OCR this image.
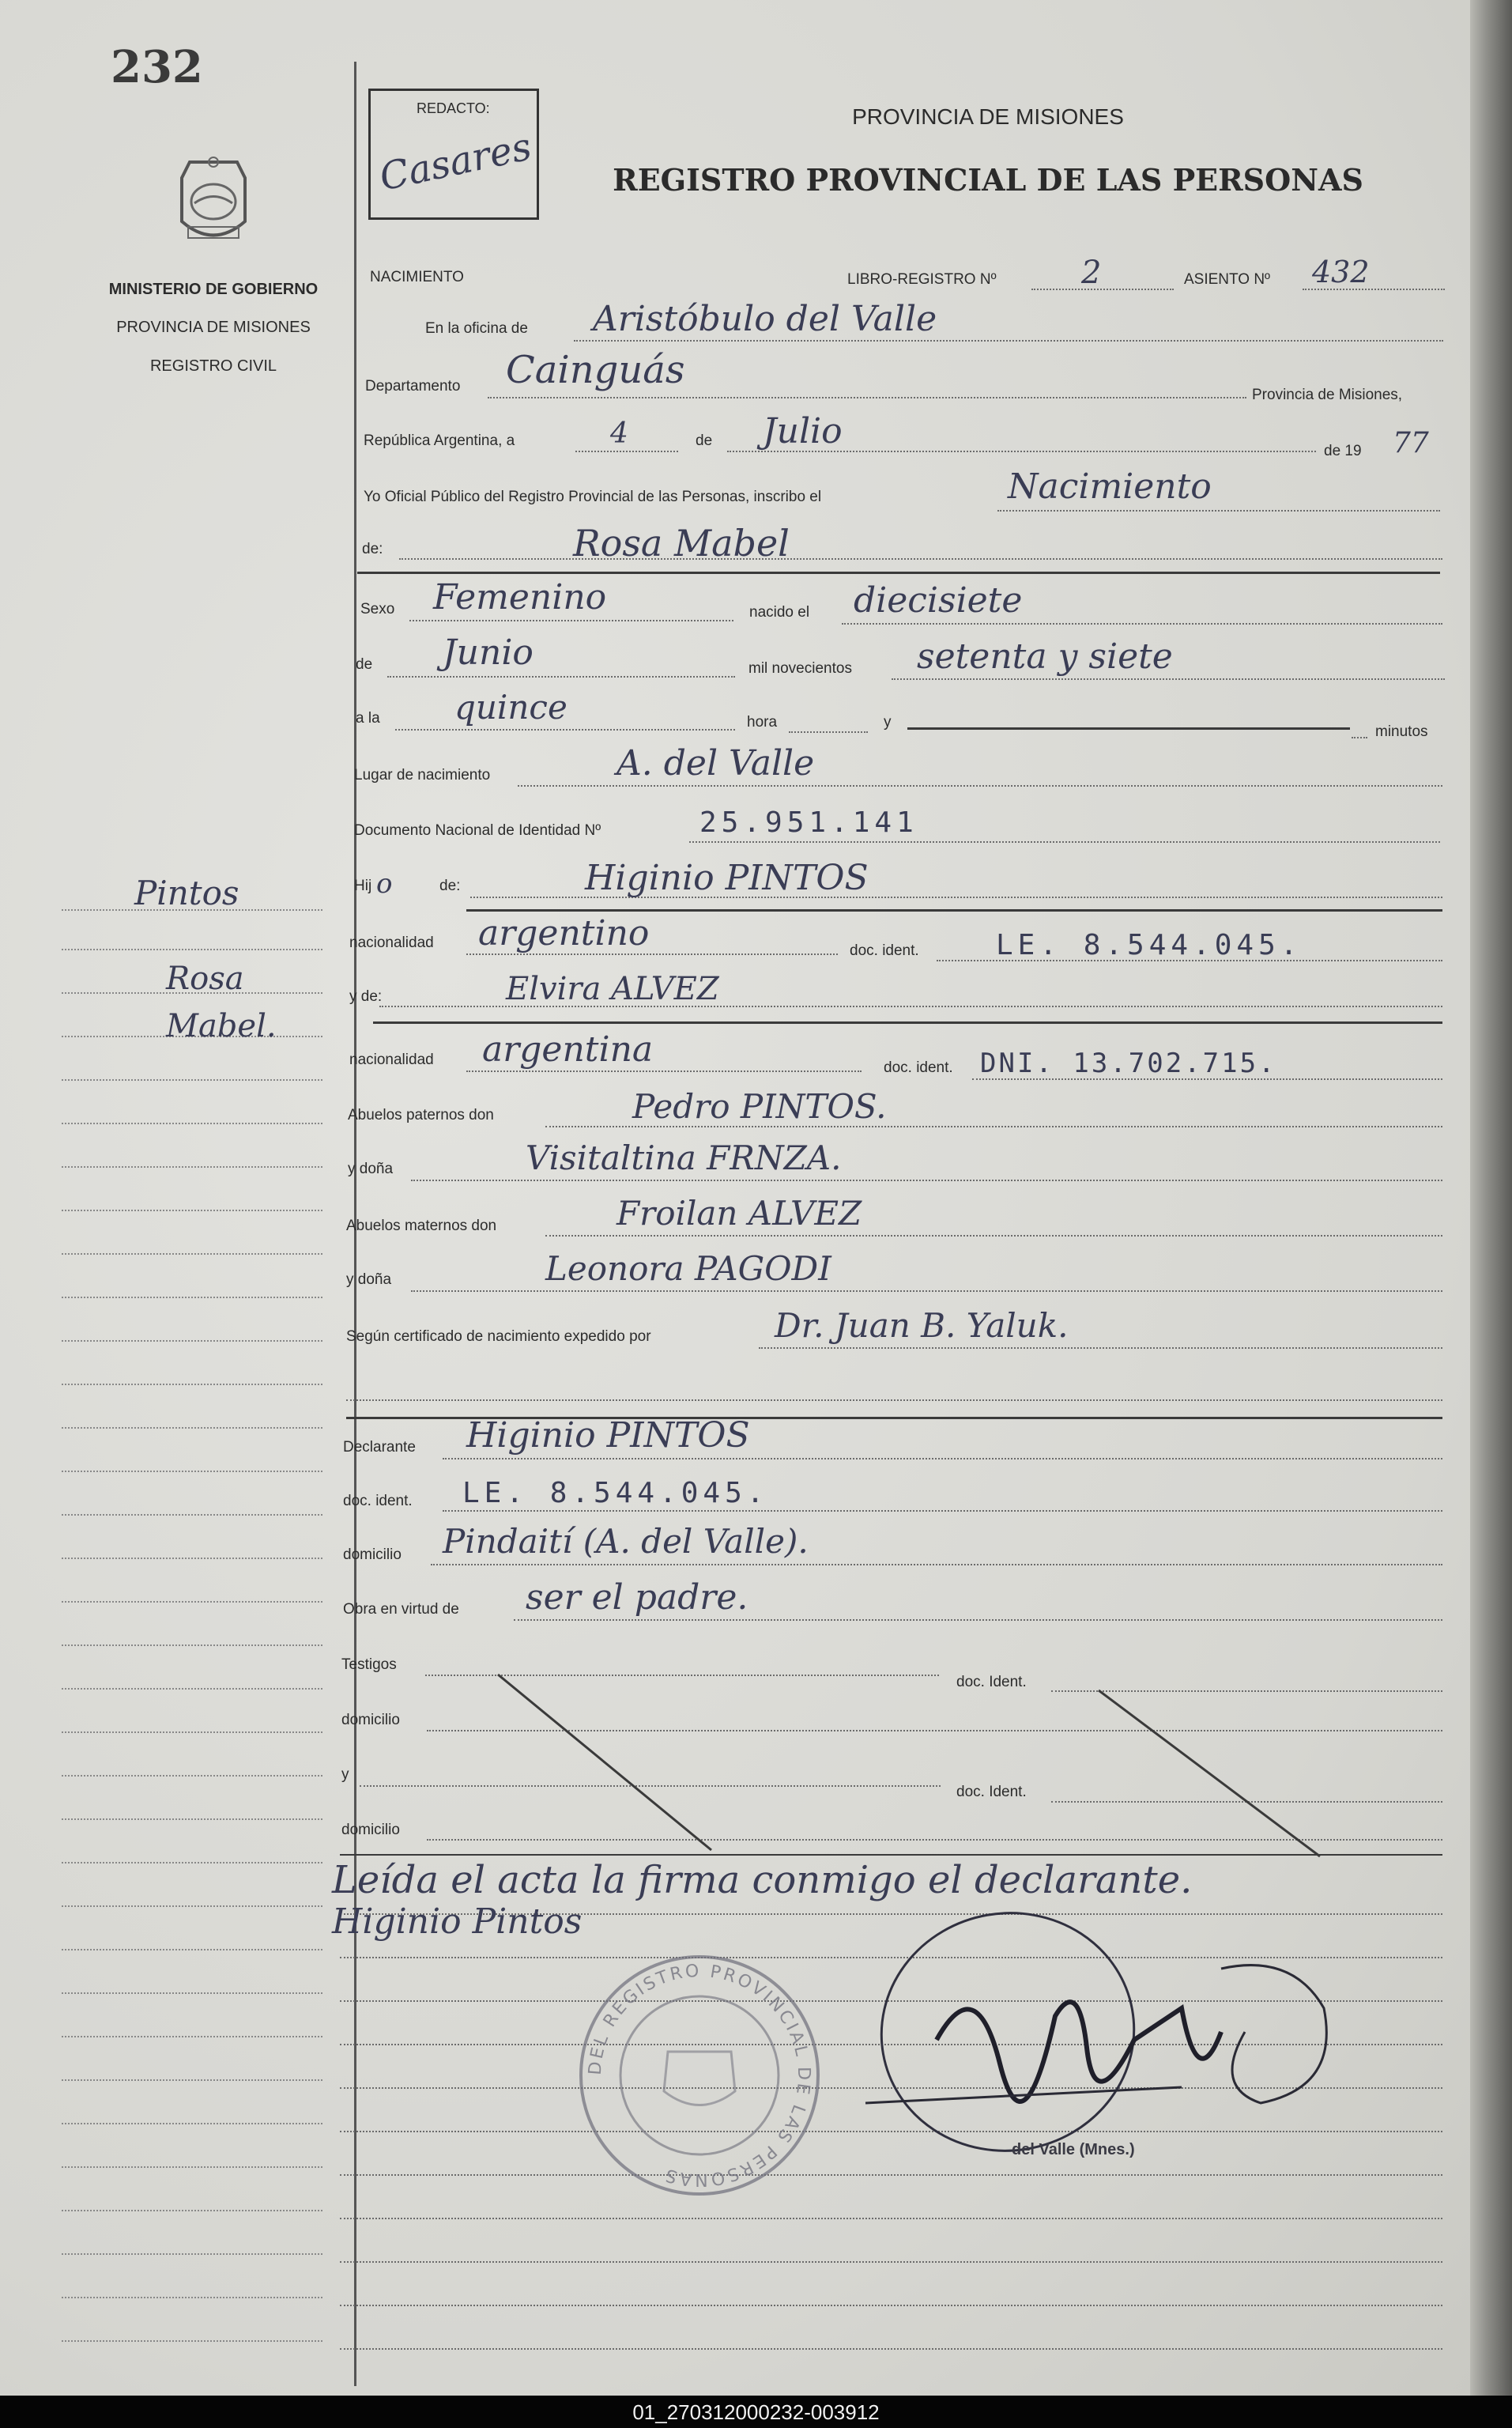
232
MINISTERIO DE GOBIERNO
PROVINCIA DE MISIONES
REGISTRO CIVIL
Pintos
Rosa
Mabel.
REDACTO:
Casares
PROVINCIA DE MISIONES
REGISTRO PROVINCIAL DE LAS PERSONAS
NACIMIENTO	LIBRO-REGISTRO Nº	2	ASIENTO Nº 432
En la oficina de Aristóbulo del Valle
Departamento Cainguás
Provincia de Misiones,
República Argentina, a	4	de Julio	de 19 77
Yo Oficial Público del Registro Provincial de las Personas, inscribo el	Nacimiento
de:	Rosa Mabel
Sexo Femenino	nacido el diecisiete
de Junio	mil novecientos setenta y siete
a la quince	hora	y
minutos
Lugar de nacimiento	A. del Valle
Documento Nacional de Identidad Nº	25.951.141
Hij o	de:	Higinio PINTOS
nacionalidad argentino	doc. ident.	LE. 8.544.045.
y de:	Elvira ALVEZ
nacionalidad argentina	doc. ident. DNI. 13.702.715.
Abuelos paternos don	Pedro PINTOS.
y doña	Visitaltina FRNZA.
Abuelos maternos don	Froilan ALVEZ
y doña	Leonora PAGODI
Según certificado de nacimiento expedido por	Dr. Juan B. Yaluk.
Declarante Higinio PINTOS
doc. ident. LE. 8.544.045.
domicilio Pindaití (A. del Valle).
Obra en virtud de ser el padre.
Testigos
doc. Ident.
domicilio
y
doc. Ident.
domicilio
Leída el acta la firma conmigo el declarante.
Higinio Pintos
DEL REGISTRO PROVINCIAL DE LAS PERSONAS
del Valle (Mnes.)
01_270312000232-003912
